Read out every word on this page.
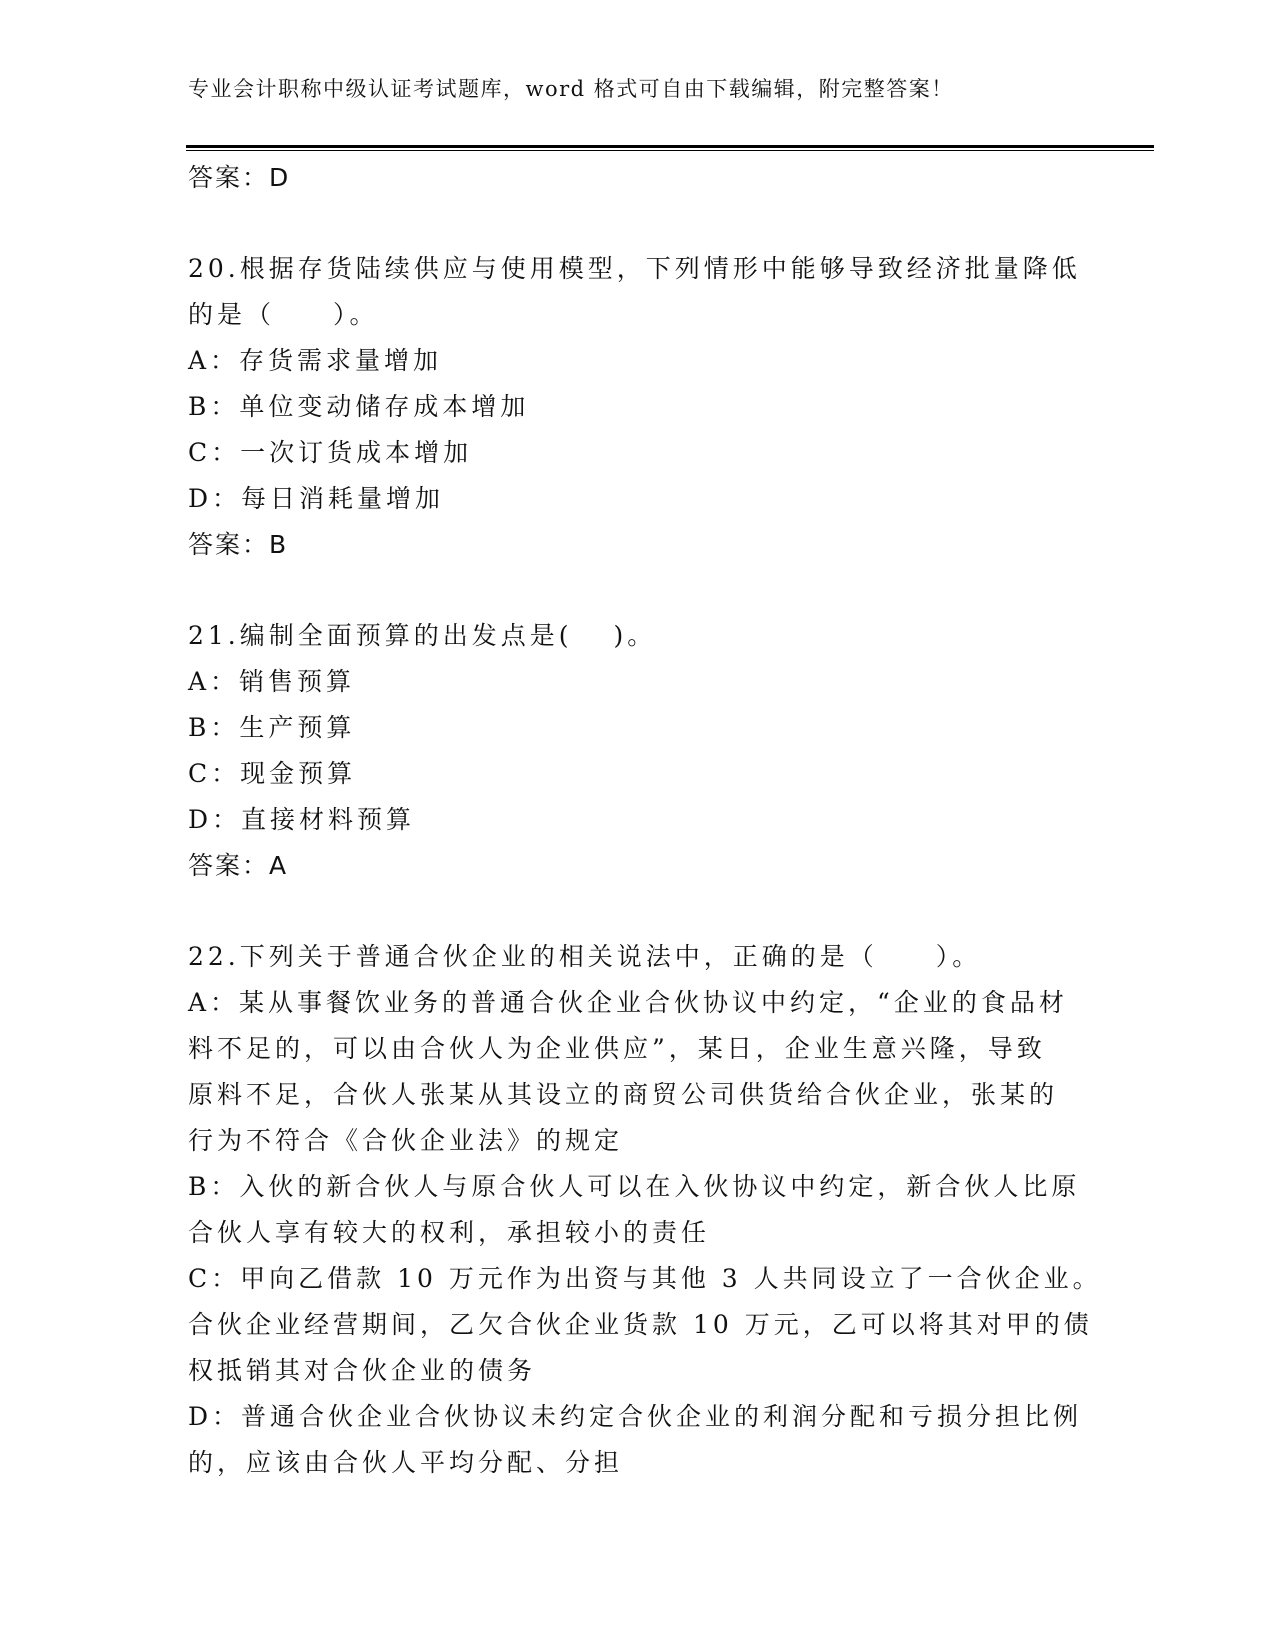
专业会计职称中级认证考试题库，word 格式可自由下载编辑，附完整答案！
答案：D
20.根据存货陆续供应与使用模型，下列情形中能够导致经济批量降低
的是（　　）。
A：存货需求量增加
B：单位变动储存成本增加
C：一次订货成本增加
D：每日消耗量增加
答案：B
21.编制全面预算的出发点是(　 )。
A：销售预算
B：生产预算
C：现金预算
D：直接材料预算
答案：A
22.下列关于普通合伙企业的相关说法中，正确的是（　　）。
A：某从事餐饮业务的普通合伙企业合伙协议中约定，“企业的食品材
料不足的，可以由合伙人为企业供应”，某日，企业生意兴隆，导致
原料不足，合伙人张某从其设立的商贸公司供货给合伙企业，张某的
行为不符合《合伙企业法》的规定
B：入伙的新合伙人与原合伙人可以在入伙协议中约定，新合伙人比原
合伙人享有较大的权利，承担较小的责任
C：甲向乙借款 10 万元作为出资与其他 3 人共同设立了一合伙企业。
合伙企业经营期间，乙欠合伙企业货款 10 万元，乙可以将其对甲的债
权抵销其对合伙企业的债务
D：普通合伙企业合伙协议未约定合伙企业的利润分配和亏损分担比例
的，应该由合伙人平均分配、分担
